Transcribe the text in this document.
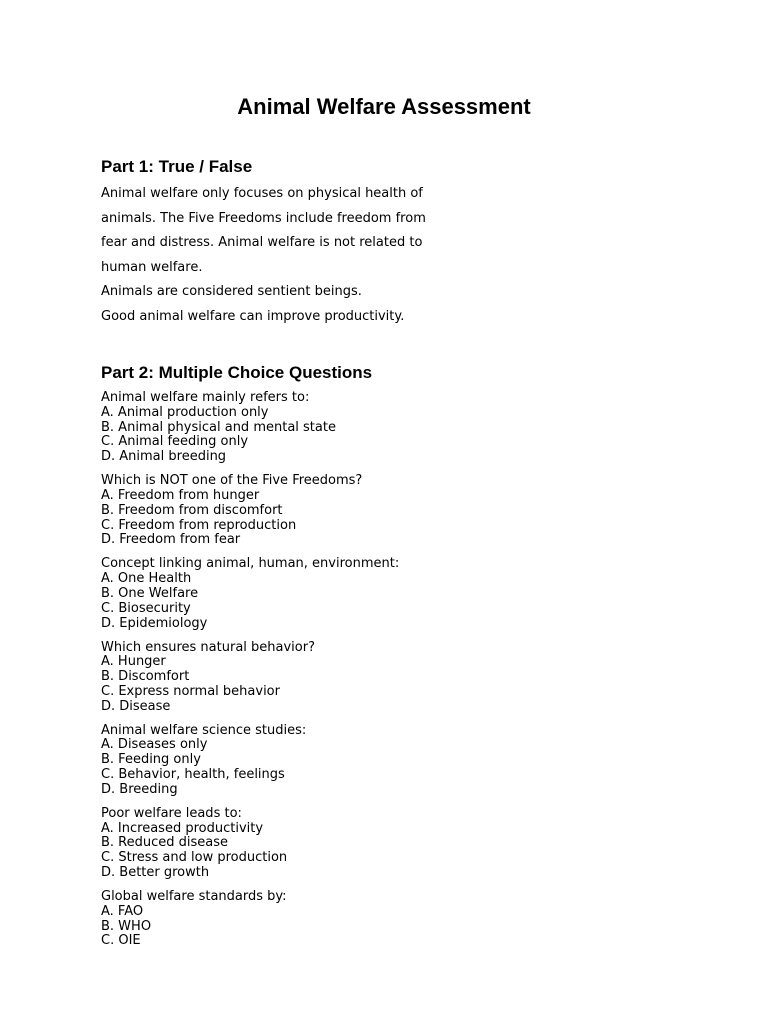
Animal Welfare Assessment
Part 1: True / False

Animal welfare only focuses on physical health of animals. The Five Freedoms include freedom from fear and distress. Animal welfare is not related to human welfare.

Animals are considered sentient beings.

Good animal welfare can improve productivity.

Part 2: Multiple Choice Questions
Animal welfare mainly refers to:
A. Animal production only
B. Animal physical and mental state
C. Animal feeding only
D. Animal breeding
Which is NOT one of the Five Freedoms?
A. Freedom from hunger
B. Freedom from discomfort
C. Freedom from reproduction
D. Freedom from fear
Concept linking animal, human, environment:
A. One Health
B. One Welfare
C. Biosecurity
D. Epidemiology
Which ensures natural behavior?
A. Hunger
B. Discomfort
C. Express normal behavior
D. Disease
Animal welfare science studies:
A. Diseases only
B. Feeding only
C. Behavior, health, feelings
D. Breeding
Poor welfare leads to:
A. Increased productivity
B. Reduced disease
C. Stress and low production
D. Better growth
Global welfare standards by:
A. FAO
B. WHO
C. OIE
